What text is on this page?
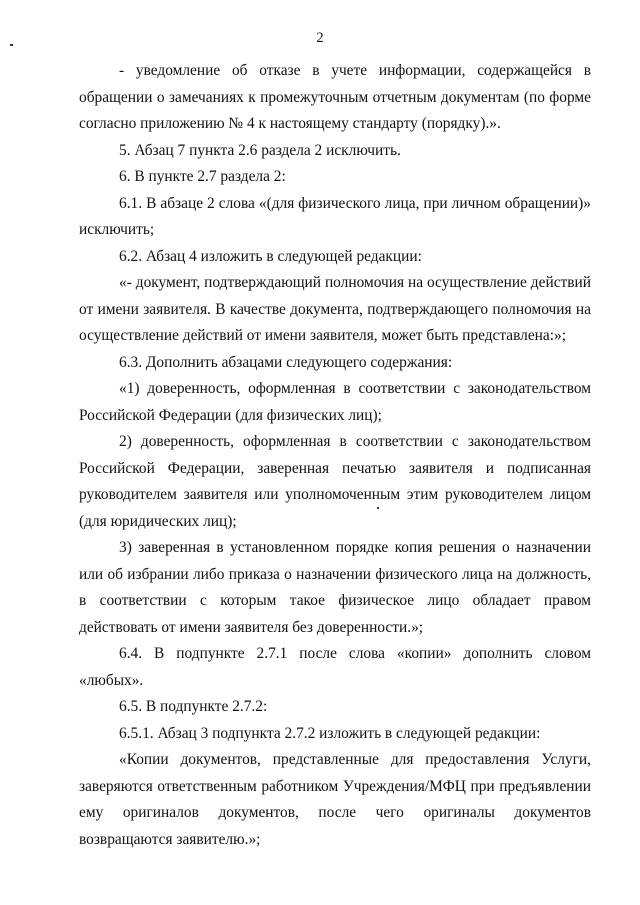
2

- уведомление об отказе в учете информации, содержащейся в обращении о замечаниях к промежуточным отчетным документам (по форме согласно приложению № 4 к настоящему стандарту (порядку).».

5. Абзац 7 пункта 2.6 раздела 2 исключить.

6. В пункте 2.7 раздела 2:

6.1. В абзаце 2 слова «(для физического лица, при личном обращении)» исключить;

6.2. Абзац 4 изложить в следующей редакции:

«- документ, подтверждающий полномочия на осуществление действий от имени заявителя. В качестве документа, подтверждающего полномочия на осуществление действий от имени заявителя, может быть представлена:»;

6.3. Дополнить абзацами следующего содержания:

«1) доверенность, оформленная в соответствии с законодательством Российской Федерации (для физических лиц);

2) доверенность, оформленная в соответствии с законодательством Российской Федерации, заверенная печатью заявителя и подписанная руководителем заявителя или уполномоченным этим руководителем лицом (для юридических лиц);

3) заверенная в установленном порядке копия решения о назначении или об избрании либо приказа о назначении физического лица на должность, в соответствии с которым такое физическое лицо обладает правом действовать от имени заявителя без доверенности.»;

6.4. В подпункте 2.7.1 после слова «копии» дополнить словом «любых».

6.5. В подпункте 2.7.2:

6.5.1. Абзац 3 подпункта 2.7.2 изложить в следующей редакции:

«Копии документов, представленные для предоставления Услуги, заверяются ответственным работником Учреждения/МФЦ при предъявлении ему оригиналов документов, после чего оригиналы документов возвращаются заявителю.»;
